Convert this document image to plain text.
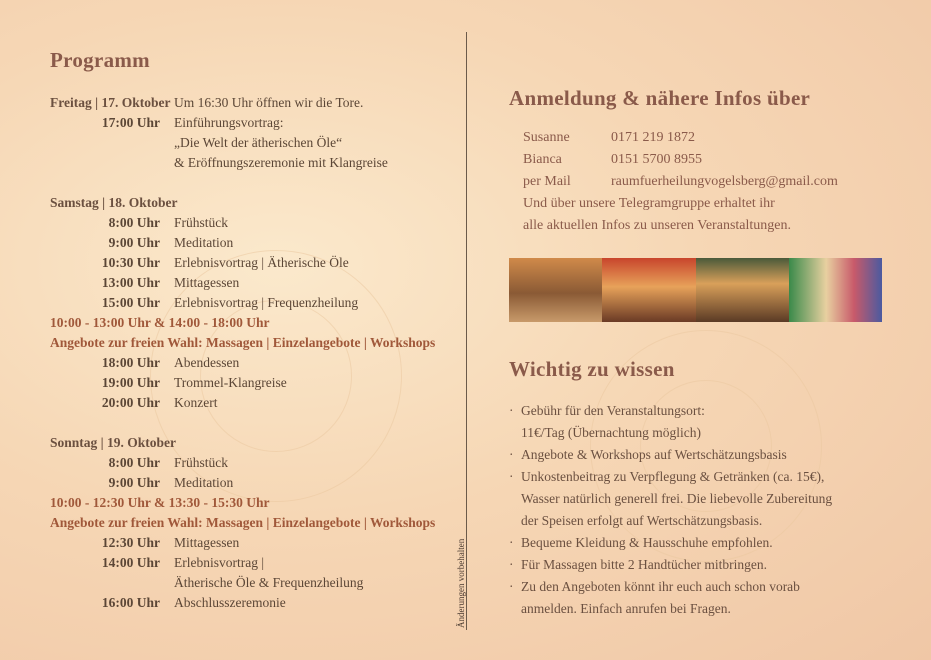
Programm
Freitag | 17. Oktober Um 16:30 Uhr öffnen wir die Tore.
17:00 Uhr Einführungsvortrag:
„Die Welt der ätherischen Öle“
& Eröffnungszeremonie mit Klangreise
Samstag | 18. Oktober
8:00 Uhr Frühstück
9:00 Uhr Meditation
10:30 Uhr Erlebnisvortrag | Ätherische Öle
13:00 Uhr Mittagessen
15:00 Uhr Erlebnisvortrag | Frequenzheilung
10:00 - 13:00 Uhr & 14:00 - 18:00 Uhr
Angebote zur freien Wahl: Massagen | Einzelangebote | Workshops
18:00 Uhr Abendessen
19:00 Uhr Trommel-Klangreise
20:00 Uhr Konzert
Sonntag | 19. Oktober
8:00 Uhr Frühstück
9:00 Uhr Meditation
10:00 - 12:30 Uhr & 13:30 - 15:30 Uhr
Angebote zur freien Wahl: Massagen | Einzelangebote | Workshops
12:30 Uhr Mittagessen
14:00 Uhr Erlebnisvortrag |
Ätherische Öle & Frequenzheilung
16:00 Uhr Abschlusszeremonie	Änderungen vorbehalten
Anmeldung & nähere Infos über
Susanne	0171 219 1872
Bianca	0151 5700 8955
per Mail	raumfuerheilungvogelsberg@gmail.com
Und über unsere Telegramgruppe erhaltet ihr
alle aktuellen Infos zu unseren Veranstaltungen.
Wichtig zu wissen
· Gebühr für den Veranstaltungsort:
11€/Tag (Übernachtung möglich)
· Angebote & Workshops auf Wertschätzungsbasis
· Unkostenbeitrag zu Verpflegung & Getränken (ca. 15€),
Wasser natürlich generell frei. Die liebevolle Zubereitung
der Speisen erfolgt auf Wertschätzungsbasis.
· Bequeme Kleidung & Hausschuhe empfohlen.
· Für Massagen bitte 2 Handtücher mitbringen.
· Zu den Angeboten könnt ihr euch auch schon vorab
anmelden. Einfach anrufen bei Fragen.
